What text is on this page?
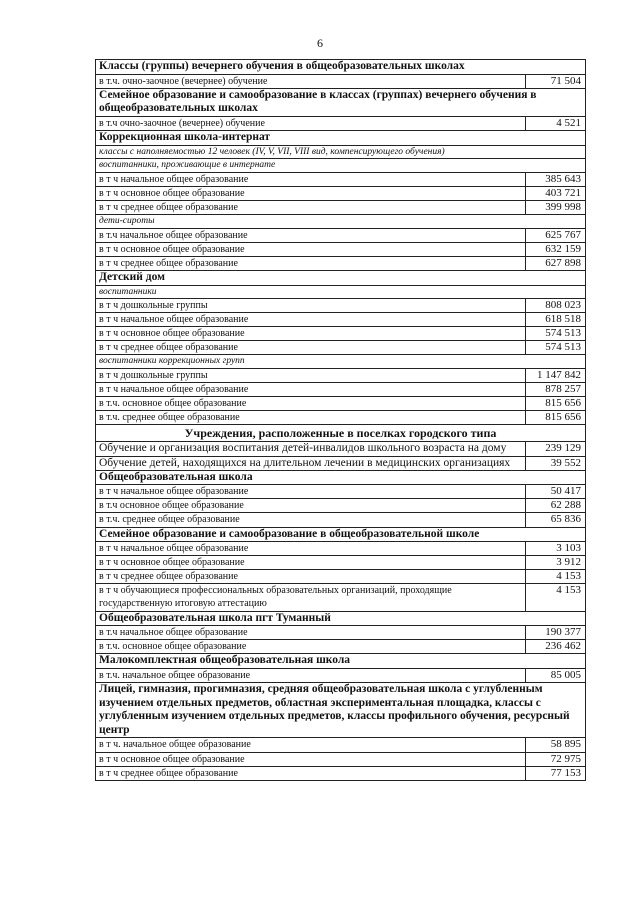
6
Классы (группы) вечернего обучения в общеобразовательных школах	
в т.ч. очно-заочное (вечернее) обучение	71 504
Семейное образование и самообразование в классах (группах) вечернего обучения в общеобразовательных школах	
в т.ч очно-заочное (вечернее) обучение	4 521
Коррекционная школа-интернат	
классы с наполняемостью 12 человек (IV, V, VII, VIII вид, компенсирующего обучения)	
воспитанники, проживающие в интернате	
в т ч начальное общее образование	385 643
в т ч основное общее образование	403 721
в т ч среднее общее образование	399 998
дети-сироты	
в т.ч начальное общее образование	625 767
в т ч основное общее образование	632 159
в т ч среднее общее образование	627 898
Детский дом	
воспитанники	
в т ч дошкольные группы	808 023
в т ч начальное общее образование	618 518
в т ч основное общее образование	574 513
в т ч среднее общее образование	574 513
воспитанники коррекционных групп	
в т ч дошкольные группы	1 147 842
в т ч начальное общее образование	878 257
в т.ч. основное общее образование	815 656
в т.ч. среднее общее образование	815 656
Учреждения, расположенные в поселках городского типа	
Обучение и организация воспитания детей-инвалидов школьного возраста на дому	239 129
Обучение детей, находящихся на длительном лечении в медицинских организациях	39 552
Общеобразовательная школа	
в т ч начальное общее образование	50 417
в т.ч основное общее образование	62 288
в т.ч. среднее общее образование	65 836
Семейное образование и самообразование в общеобразовательной школе	
в т ч начальное общее образование	3 103
в т ч основное общее образование	3 912
в т ч среднее общее образование	4 153
в т ч обучающиеся профессиональных образовательных организаций, проходящие государственную итоговую аттестацию	4 153
Общеобразовательная школа пгт Туманный	
в т.ч начальное общее образование	190 377
в т.ч. основное общее образование	236 462
Малокомплектная общеобразовательная школа	
в т.ч. начальное общее образование	85 005
Лицей, гимназия, прогимназия, средняя общеобразовательная школа с углубленным изучением отдельных предметов, областная экспериментальная площадка, классы с углубленным изучением отдельных предметов, классы профильного обучения, ресурсный центр	
в т ч. начальное общее образование	58 895
в т ч основное общее образование	72 975
в т ч среднее общее образование	77 153
